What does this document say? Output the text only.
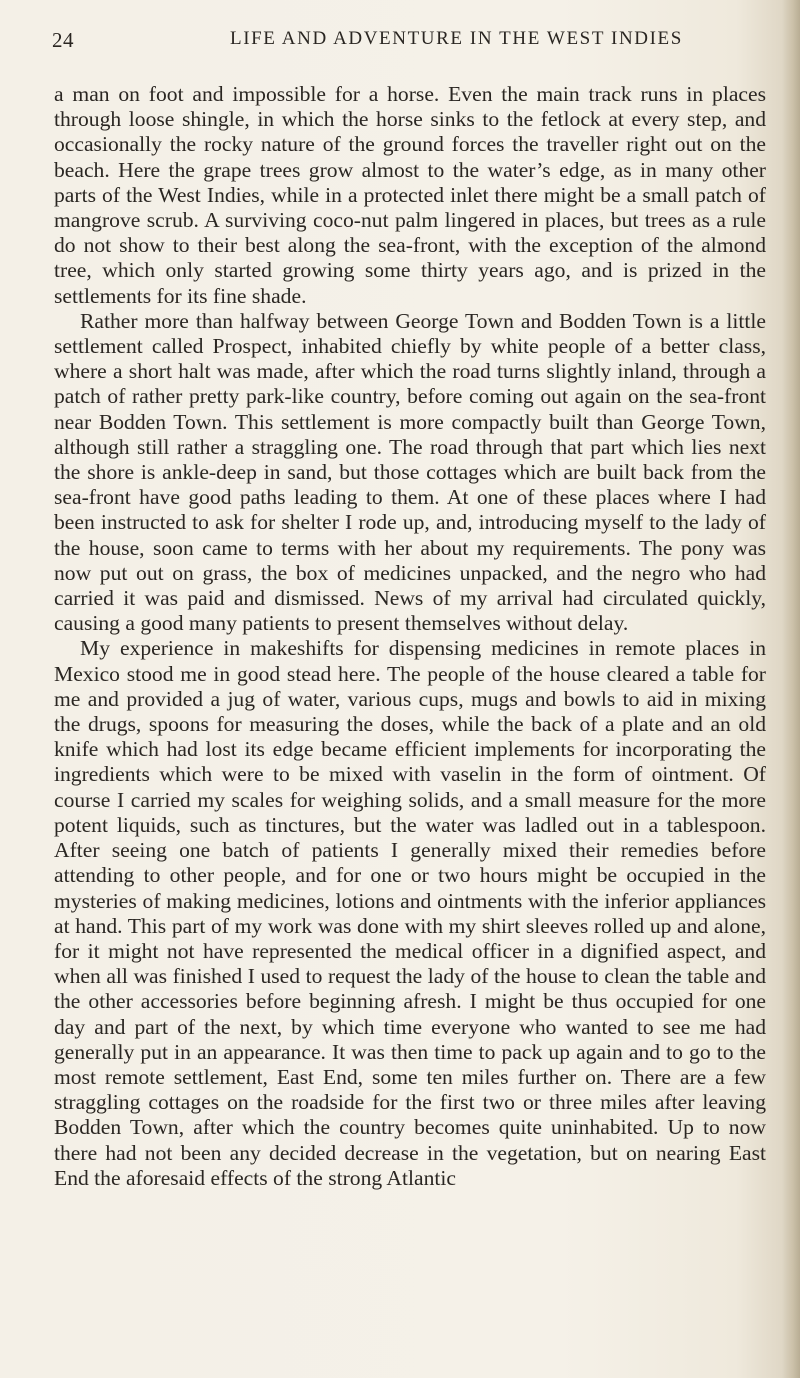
24	LIFE AND ADVENTURE IN THE WEST INDIES

a man on foot and impossible for a horse. Even the main track runs in places through loose shingle, in which the horse sinks to the fetlock at every step, and occasionally the rocky nature of the ground forces the traveller right out on the beach. Here the grape trees grow almost to the water’s edge, as in many other parts of the West Indies, while in a protected inlet there might be a small patch of mangrove scrub. A surviving coco-nut palm lingered in places, but trees as a rule do not show to their best along the sea-front, with the exception of the almond tree, which only started growing some thirty years ago, and is prized in the settlements for its fine shade.

Rather more than halfway between George Town and Bodden Town is a little settlement called Prospect, inhabited chiefly by white people of a better class, where a short halt was made, after which the road turns slightly inland, through a patch of rather pretty park-like country, before coming out again on the sea-front near Bodden Town. This settlement is more compactly built than George Town, although still rather a straggling one. The road through that part which lies next the shore is ankle-deep in sand, but those cottages which are built back from the sea-front have good paths leading to them. At one of these places where I had been instructed to ask for shelter I rode up, and, introducing myself to the lady of the house, soon came to terms with her about my requirements. The pony was now put out on grass, the box of medicines unpacked, and the negro who had carried it was paid and dismissed. News of my arrival had circulated quickly, causing a good many patients to present themselves without delay.

My experience in makeshifts for dispensing medicines in remote places in Mexico stood me in good stead here. The people of the house cleared a table for me and provided a jug of water, various cups, mugs and bowls to aid in mixing the drugs, spoons for measuring the doses, while the back of a plate and an old knife which had lost its edge became efficient implements for incorporating the ingredients which were to be mixed with vaselin in the form of ointment. Of course I carried my scales for weighing solids, and a small measure for the more potent liquids, such as tinctures, but the water was ladled out in a tablespoon. After seeing one batch of patients I generally mixed their remedies before attending to other people, and for one or two hours might be occupied in the mysteries of making medicines, lotions and ointments with the inferior appliances at hand. This part of my work was done with my shirt sleeves rolled up and alone, for it might not have represented the medical officer in a dignified aspect, and when all was finished I used to request the lady of the house to clean the table and the other accessories before beginning afresh. I might be thus occupied for one day and part of the next, by which time everyone who wanted to see me had generally put in an appearance. It was then time to pack up again and to go to the most remote settlement, East End, some ten miles further on. There are a few straggling cottages on the roadside for the first two or three miles after leaving Bodden Town, after which the country becomes quite uninhabited. Up to now there had not been any decided decrease in the vegetation, but on nearing East End the aforesaid effects of the strong Atlantic
